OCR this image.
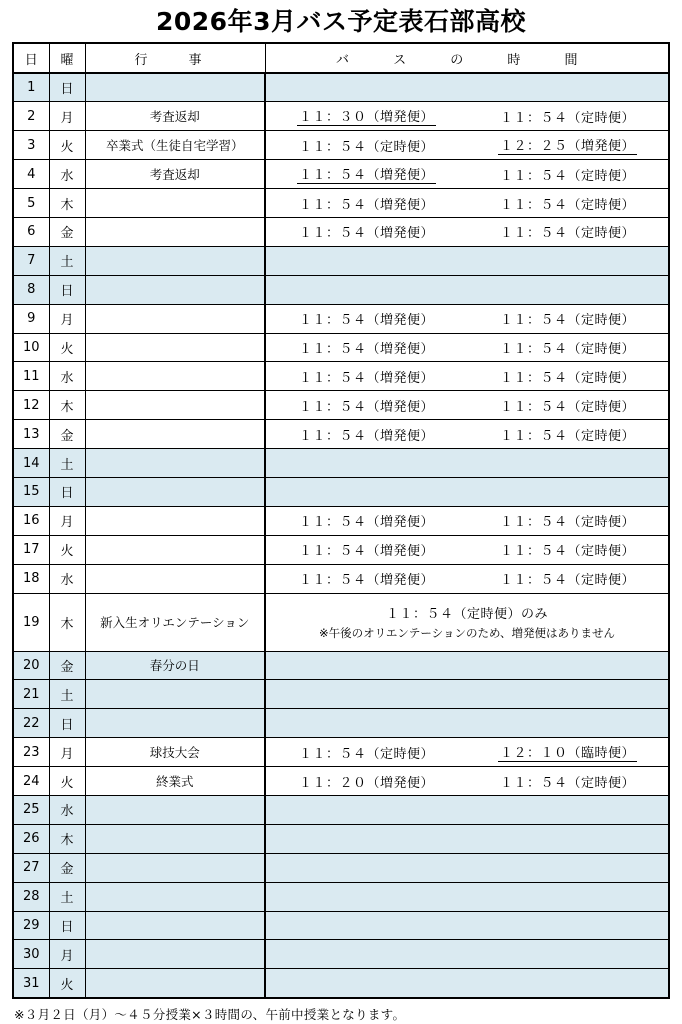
2026年3月バス予定表石部高校
日	曜	行　事	バ ス の 時 間
1	日		
2	月	考査返却	１１：３０（増発便） １１：５４（定時便）

3	火	卒業式（生徒自宅学習）	１１：５４（定時便） １２：２５（増発便）

4	水	考査返却	１１：５４（増発便） １１：５４（定時便）

5	木		１１：５４（増発便） １１：５４（定時便）

6	金		１１：５４（増発便） １１：５４（定時便）

7	土		
8	日		
9	月		１１：５４（増発便） １１：５４（定時便）

10	火		１１：５４（増発便） １１：５４（定時便）

11	水		１１：５４（増発便） １１：５４（定時便）

12	木		１１：５４（増発便） １１：５４（定時便）

13	金		１１：５４（増発便） １１：５４（定時便）

14	土		
15	日		
16	月		１１：５４（増発便） １１：５４（定時便）

17	火		１１：５４（増発便） １１：５４（定時便）

18	水		１１：５４（増発便） １１：５４（定時便）

19	木	新入生オリエンテーション	１１：５４（定時便）のみ
※午後のオリエンテーションのため、増発便はありません

20	金	春分の日	
21	土		
22	日		
23	月	球技大会	１１：５４（定時便） １２：１０（臨時便）

24	火	終業式	１１：２０（増発便） １１：５４（定時便）

25	水		
26	木		
27	金		
28	土		
29	日		
30	月		
31	火		
※３月２日（月）～４５分授業×３時間の、午前中授業となります。
